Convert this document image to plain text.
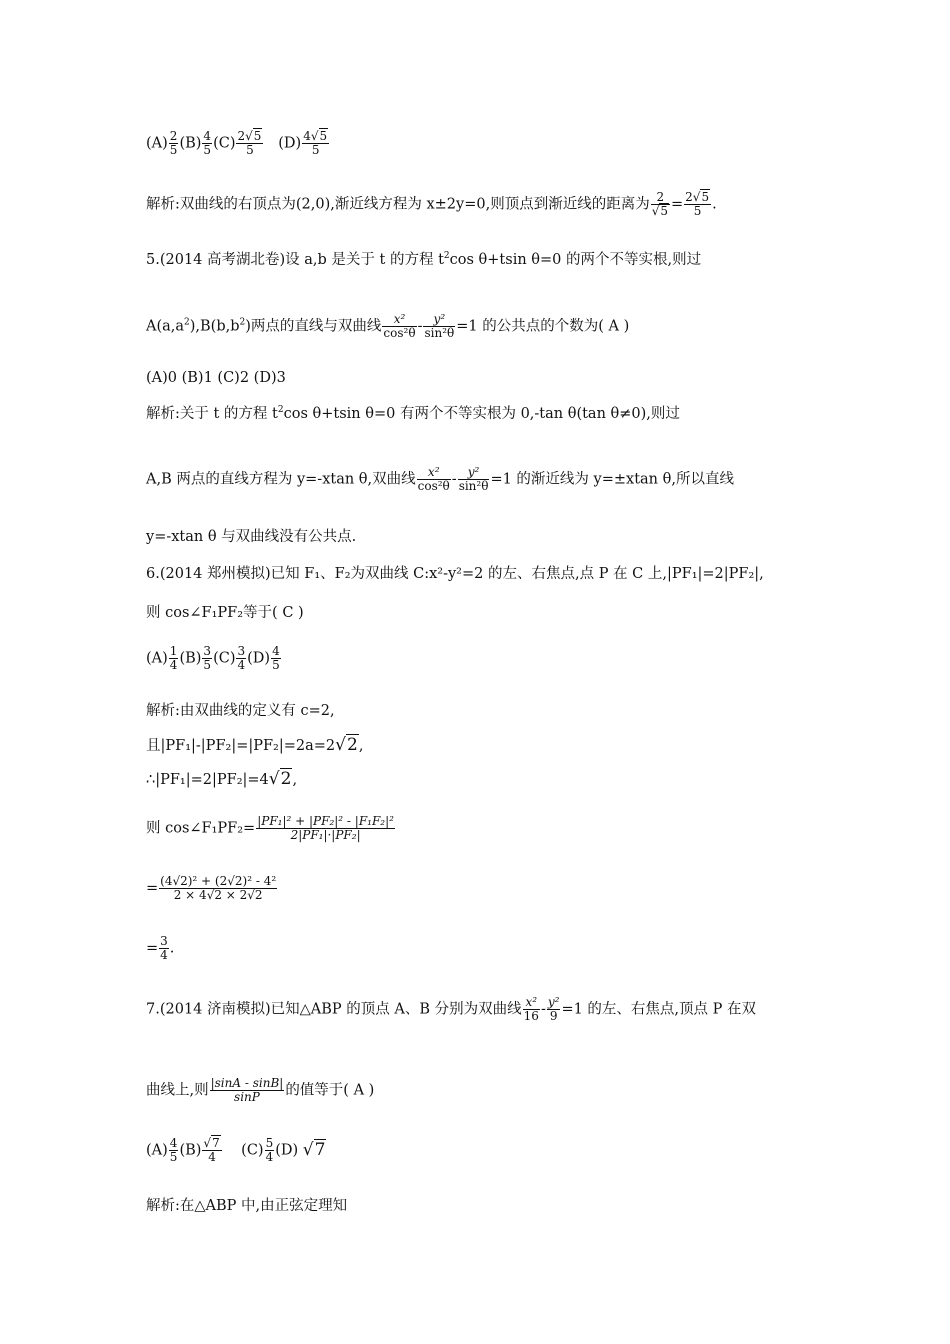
$(A) \frac{2}{5} (B) \frac{4}{5} (C) \frac{2√5}{5} (D) \frac{4√5}{5}$
解析:双曲线的右顶点为(2,0),渐近线方程为 x±2y=0,则顶点到渐近线的距离为 $\frac{2}{√5} = \frac{2√5}{5}$ .
5.(2014 高考湖北卷)设 a,b 是关于 t 的方程 $t^2\cos$ θ+tsin θ=0 的两个不等实根,则过
$A(a,a^2),B(b,b^2)$两点的直线与双曲线 $\frac{\text{x²}}{\text{cos²θ}} - \frac{\text{y²}}{\text{sin²θ}} =1$ 的公共点的个数为( A )
(A)0 (B)1 (C)2 (D)3
解析:关于 t 的方程 $t^2\cos$ θ+tsin θ=0 有两个不等实根为 0,-tan θ(tan θ≠0),则过
A,B 两点的直线方程为 y=-xtan θ,双曲线 $\frac{\text{x²}}{\text{cos²θ}} - \frac{\text{y²}}{\text{sin²θ}} =1$ 的渐近线为 y=±xtan θ,所以直线
y=-xtan θ 与双曲线没有公共点.
6.(2014 郑州模拟)已知 F₁、F₂为双曲线 C:x²-y²=2 的左、右焦点,点 P 在 C 上,|PF₁|=2|PF₂|,
则 cos∠F₁PF₂等于( C )
$(A) \frac{1}{4} (B) \frac{3}{5} (C) \frac{3}{4} (D) \frac{4}{5}$
解析:由双曲线的定义有 c=2,
且|PF₁|-|PF₂|=|PF₂|=2a=2√2,
∴|PF₁|=2|PF₂|=4√2,
则 cos∠F₁PF₂= $\frac{\text{|PF₁|² + |PF₂|² - |F₁F₂|²}}{\text{2|PF₁|·|PF₂|}}$
= $\frac{\text{(4√2)² + (2√2)² - 4²}}{2 \times 4√2 \times 2√2}$
= $\frac{3}{4}$ .
7.(2014 济南模拟)已知△ABP 的顶点 A、B 分别为双曲线 $\frac{\text{x²}}{16} - \frac{\text{y²}}{9} =1$ 的左、右焦点,顶点 P 在双
曲线上,则 $\frac{|\sin A - \sin B|}{\sin P}$ 的值等于( A )
$(A) \frac{4}{5} (B) \frac{√7}{4} (C) \frac{5}{4} (D)$ √7
解析:在△ABP 中,由正弦定理知
